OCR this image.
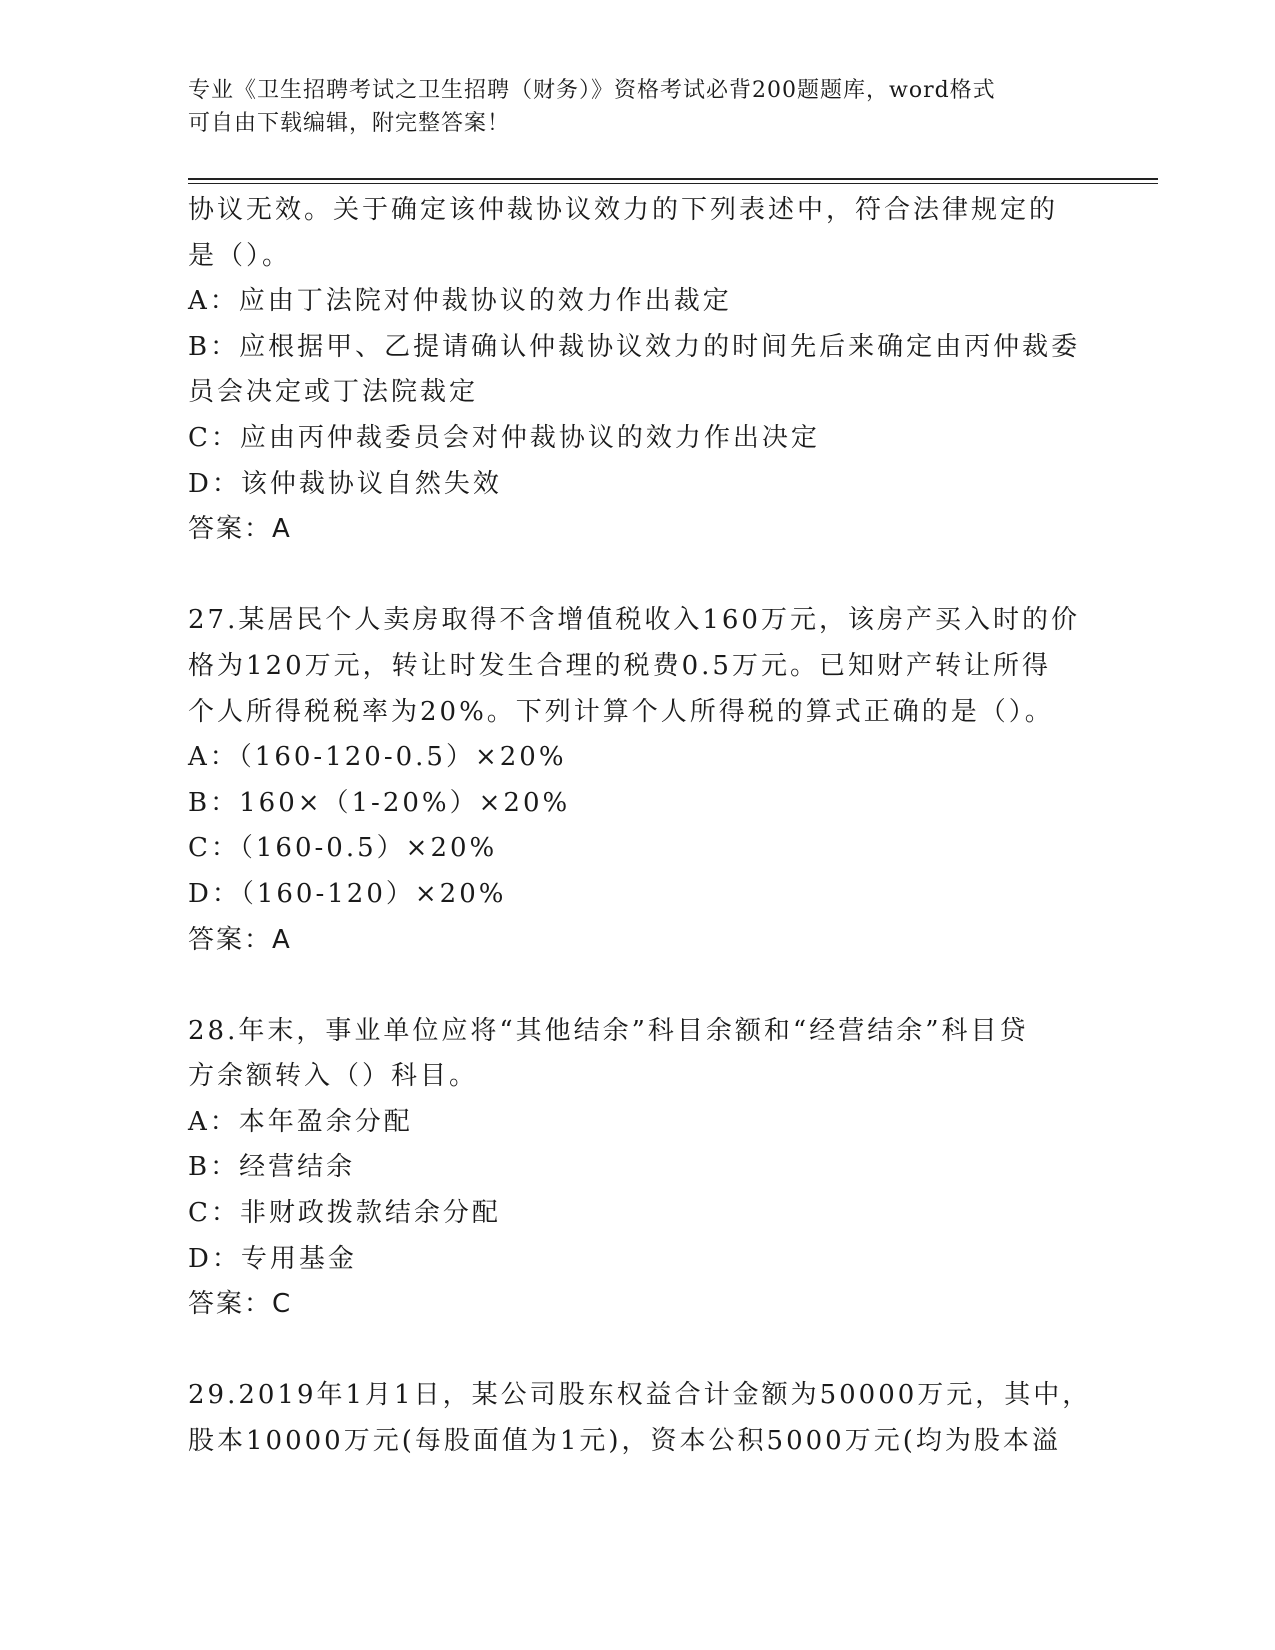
专业《卫生招聘考试之卫生招聘（财务）》资格考试必背200题题库，word格式
可自由下载编辑，附完整答案！
协议无效。关于确定该仲裁协议效力的下列表述中，符合法律规定的
是（）。
A：应由丁法院对仲裁协议的效力作出裁定
B：应根据甲、乙提请确认仲裁协议效力的时间先后来确定由丙仲裁委
员会决定或丁法院裁定
C：应由丙仲裁委员会对仲裁协议的效力作出决定
D：该仲裁协议自然失效
答案：A
27.某居民个人卖房取得不含增值税收入160万元，该房产买入时的价
格为120万元，转让时发生合理的税费0.5万元。已知财产转让所得
个人所得税税率为20%。下列计算个人所得税的算式正确的是（）。
A：（160-120-0.5）×20%
B：160×（1-20%）×20%
C：（160-0.5）×20%
D：（160-120）×20%
答案：A
28.年末，事业单位应将“其他结余”科目余额和“经营结余”科目贷
方余额转入（）科目。
A：本年盈余分配
B：经营结余
C：非财政拨款结余分配
D：专用基金
答案：C
29.2019年1月1日，某公司股东权益合计金额为50000万元，其中，
股本10000万元(每股面值为1元)，资本公积5000万元(均为股本溢
